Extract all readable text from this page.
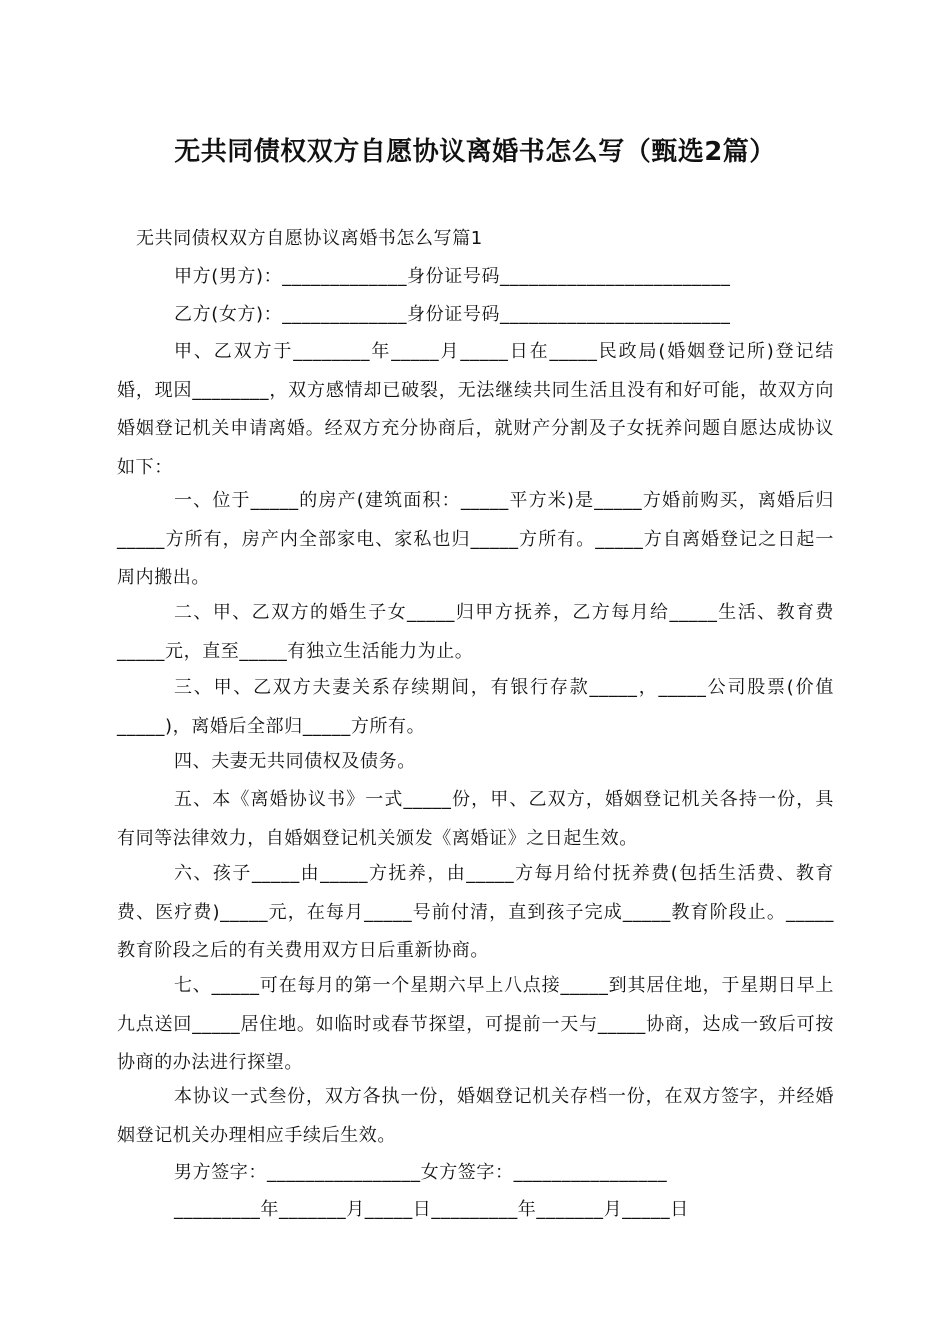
无共同债权双方自愿协议离婚书怎么写（甄选2篇）
无共同债权双方自愿协议离婚书怎么写篇1
甲方(男方)：_____________身份证号码________________________
乙方(女方)：_____________身份证号码________________________
甲、乙双方于________年_____月_____日在_____民政局(婚姻登记所)登记结婚，现因________，双方感情却已破裂，无法继续共同生活且没有和好可能，故双方向婚姻登记机关申请离婚。经双方充分协商后，就财产分割及子女抚养问题自愿达成协议如下：
一、位于_____的房产(建筑面积：_____平方米)是_____方婚前购买，离婚后归_____方所有，房产内全部家电、家私也归_____方所有。_____方自离婚登记之日起一周内搬出。
二、甲、乙双方的婚生子女_____归甲方抚养，乙方每月给_____生活、教育费_____元，直至_____有独立生活能力为止。
三、甲、乙双方夫妻关系存续期间，有银行存款_____，_____公司股票(价值_____)，离婚后全部归_____方所有。
四、夫妻无共同债权及债务。
五、本《离婚协议书》一式_____份，甲、乙双方，婚姻登记机关各持一份，具有同等法律效力，自婚姻登记机关颁发《离婚证》之日起生效。
六、孩子_____由_____方抚养，由_____方每月给付抚养费(包括生活费、教育费、医疗费)_____元，在每月_____号前付清，直到孩子完成_____教育阶段止。_____教育阶段之后的有关费用双方日后重新协商。
七、_____可在每月的第一个星期六早上八点接_____到其居住地，于星期日早上九点送回_____居住地。如临时或春节探望，可提前一天与_____协商，达成一致后可按协商的办法进行探望。
本协议一式叁份，双方各执一份，婚姻登记机关存档一份，在双方签字，并经婚姻登记机关办理相应手续后生效。
男方签字：________________女方签字：________________
_________年_______月_____日_________年_______月_____日
